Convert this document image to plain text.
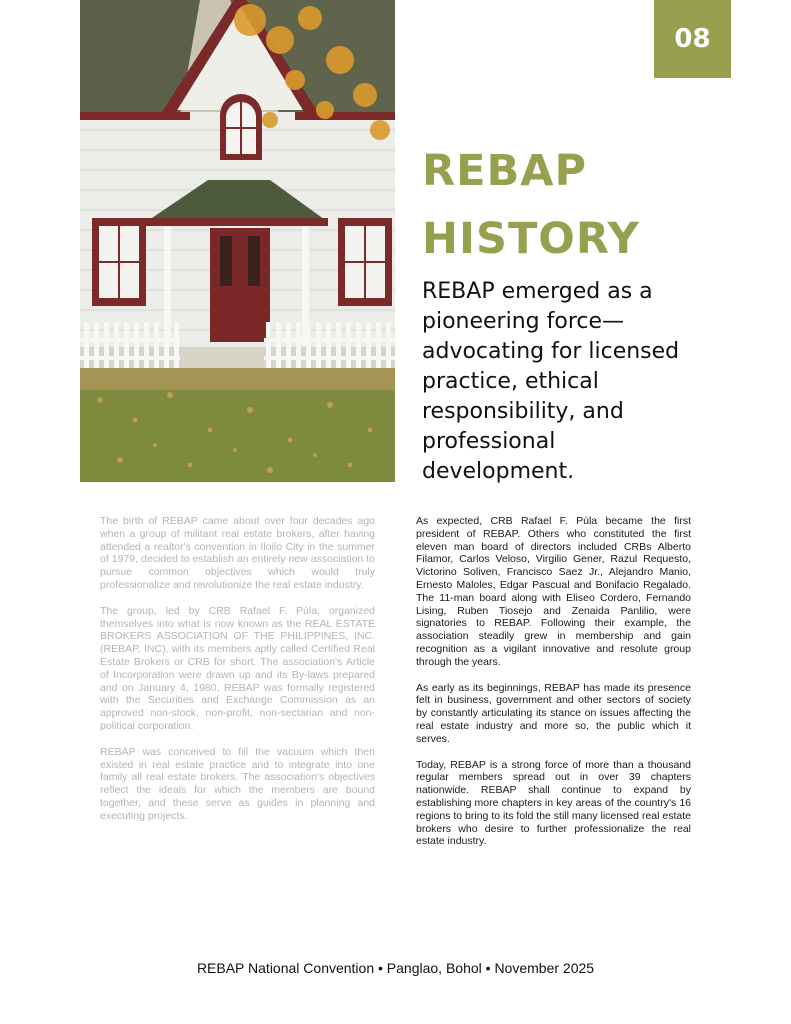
08
REBAP
HISTORY

REBAP emerged as a pioneering force—advocating for licensed practice, ethical responsibility, and professional development.

The birth of REBAP came about over four decades ago when a group of militant real estate brokers, after having attended a realtor's convention in Iloilo City in the summer of 1979, decided to establish an entirely new association to pursue common objectives which would truly professionalize and revolutionize the real estate industry.

The group, led by CRB Rafael F. Púla, organized themselves into what is now known as the REAL ESTATE BROKERS ASSOCIATION OF THE PHILIPPINES, INC. (REBAP, INC), with its members aptly called Certified Real Estate Brokers or CRB for short. The association's Article of Incorporation were drawn up and its By-laws prepared and on January 4, 1980, REBAP was formally registered with the Securities and Exchange Commission as an approved non-stock, non-profit, non-sectarian and non-political corporation.

REBAP was conceived to fill the vacuum which then existed in real estate practice and to integrate into one family all real estate brokers. The association's objectives reflect the ideals for which the members are bound together, and these serve as guides in planning and executing projects.

As expected, CRB Rafael F. Púla became the first president of REBAP. Others who constituted the first eleven man board of directors included CRBs Alberto Filamor, Carlos Veloso, Virgilio Gener, Razul Requesto, Victorino Soliven, Francisco Saez Jr., Alejandro Manio, Ernesto Maloles, Edgar Pascual and Bonifacio Regalado. The 11-man board along with Eliseo Cordero, Fernando Lising, Ruben Tiosejo and Zenaida Panlilio, were signatories to REBAP. Following their example, the association steadily grew in membership and gain recognition as a vigilant innovative and resolute group through the years.

As early as its beginnings, REBAP has made its presence felt in business, government and other sectors of society by constantly articulating its stance on issues affecting the real estate industry and more so, the public which it serves.

Today, REBAP is a strong force of more than a thousand regular members spread out in over 39 chapters nationwide. REBAP shall continue to expand by establishing more chapters in key areas of the country's 16 regions to bring to its fold the still many licensed real estate brokers who desire to further professionalize the real estate industry.

REBAP National Convention • Panglao, Bohol • November 2025
